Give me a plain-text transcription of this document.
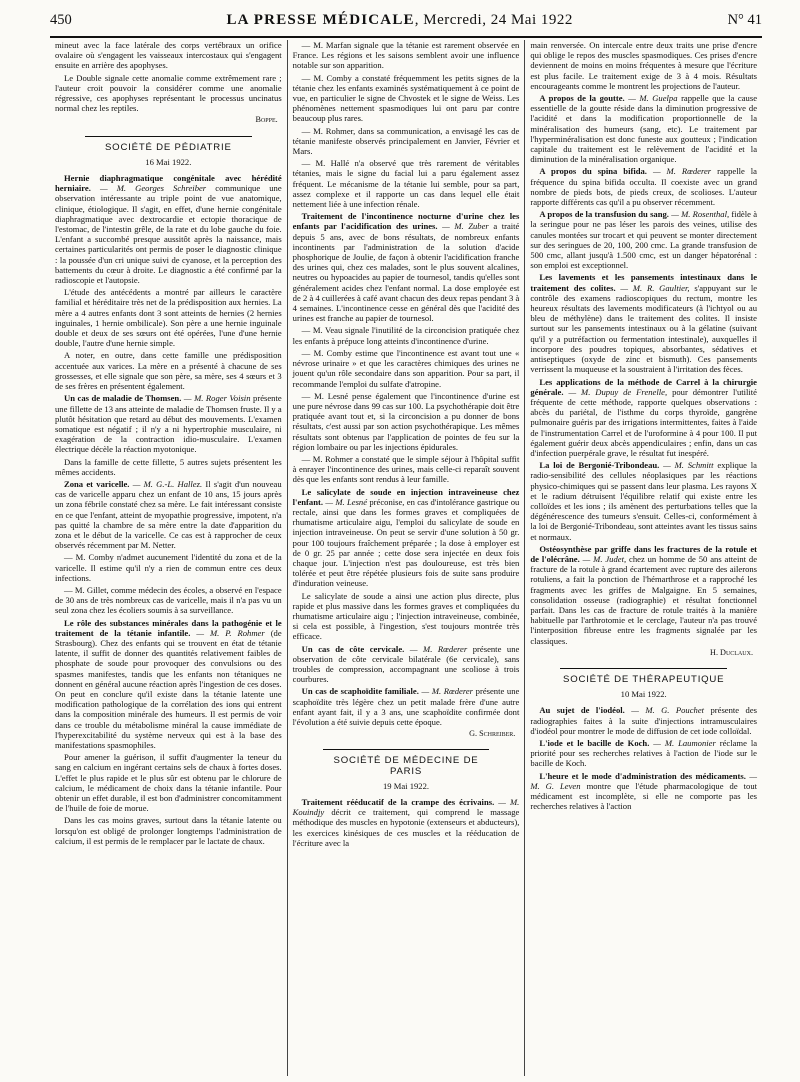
450	LA PRESSE MÉDICALE, Mercredi, 24 Mai 1922	N° 41

mineut avec la face latérale des corps vertébraux un orifice ovalaire où s'engagent les vaisseaux intercostaux qui s'engagent ensuite en arrière des apophyses.

Le Double signale cette anomalie comme extrêmement rare ; l'auteur croit pouvoir la considérer comme une anomalie régressive, ces apophyses représentant le processus uncinatus normal chez les reptiles.

Boppe.
SOCIÉTÉ DE PÉDIATRIE
16 Mai 1922.

Hernie diaphragmatique congénitale avec hérédité herniaire. — M. Georges Schreiber communique une observation intéressante au triple point de vue anatomique, clinique, étiologique. Il s'agit, en effet, d'une hernie congénitale diaphragmatique avec dextrocardie et ectopie thoracique de l'estomac, de l'intestin grêle, de la rate et du lobe gauche du foie. L'enfant a succombé presque aussitôt après la naissance, mais certaines particularités ont permis de poser le diagnostic clinique : la poussée d'un cri unique suivi de cyanose, et la perception des battements du cœur à droite. Le diagnostic a été confirmé par la radioscopie et l'autopsie.

L'étude des antécédents a montré par ailleurs le caractère familial et héréditaire très net de la prédisposition aux hernies. La mère a 4 autres enfants dont 3 sont atteints de hernies (2 hernies inguinales, 1 hernie ombilicale). Son père a une hernie inguinale double et deux de ses sœurs ont été opérées, l'une d'une hernie double, l'autre d'une hernie simple.

A noter, en outre, dans cette famille une prédisposition accentuée aux varices. La mère en a présenté à chacune de ses grossesses, et elle signale que son père, sa mère, ses 4 sœurs et 3 de ses frères en présentent également.

Un cas de maladie de Thomsen. — M. Roger Voisin présente une fillette de 13 ans atteinte de maladie de Thomsen fruste. Il y a plutôt hésitation que retard au début des mouvements. L'examen somatique est négatif ; il n'y a ni hypertrophie musculaire, ni exagération de la contraction idio-musculaire. L'examen électrique décèle la réaction myotonique.

Dans la famille de cette fillette, 5 autres sujets présentent les mêmes accidents.

Zona et varicelle. — M. G.-L. Hallez. Il s'agit d'un nouveau cas de varicelle apparu chez un enfant de 10 ans, 15 jours après un zona fébrile constaté chez sa mère. Le fait intéressant consiste en ce que l'enfant, atteint de myopathie progressive, impotent, n'a pas quitté la chambre de sa mère entre la date d'apparition du zona et le début de la varicelle. Ce cas est à rapprocher de ceux observés récemment par M. Netter.

— M. Comby n'admet aucunement l'identité du zona et de la varicelle. Il estime qu'il n'y a rien de commun entre ces deux infections.

— M. Gillet, comme médecin des écoles, a observé en l'espace de 30 ans de très nombreux cas de varicelle, mais il n'a pas vu un seul zona chez les écoliers soumis à sa surveillance.

Le rôle des substances minérales dans la pathogénie et le traitement de la tétanie infantile. — M. P. Rohmer (de Strasbourg). Chez des enfants qui se trouvent en état de tétanie latente, il suffit de donner des quantités relativement faibles de phosphate de soude pour provoquer des convulsions ou des spasmes manifestes, tandis que les enfants non tétaniques ne donnent en général aucune réaction après l'ingestion de ces doses. On peut en conclure qu'il existe dans la tétanie latente une modification pathologique de la corrélation des ions qui entrent dans la composition minérale des humeurs. Il est permis de voir dans ce trouble du métabolisme minéral la cause immédiate de l'hyperexcitabilité du système nerveux qui est à la base des manifestations spasmophiles.

Pour amener la guérison, il suffit d'augmenter la teneur du sang en calcium en ingérant certains sels de chaux à fortes doses. L'effet le plus rapide et le plus sûr est obtenu par le chlorure de calcium, le médicament de choix dans la tétanie infantile. Pour obtenir un effet durable, il est bon d'administrer concomitamment de l'huile de foie de morue.

Dans les cas moins graves, surtout dans la tétanie latente ou lorsqu'on est obligé de prolonger longtemps l'administration de calcium, il est permis de le remplacer par le lactate de chaux.

— M. Marfan signale que la tétanie est rarement observée en France. Les régions et les saisons semblent avoir une influence notable sur son apparition.

— M. Comby a constaté fréquemment les petits signes de la tétanie chez les enfants examinés systématiquement à ce point de vue, en particulier le signe de Chvostek et le signe de Weiss. Les phénomènes nettement spasmodiques lui ont paru par contre beaucoup plus rares.

— M. Rohmer, dans sa communication, a envisagé les cas de tétanie manifeste observés principalement en Janvier, Février et Mars.

— M. Hallé n'a observé que très rarement de véritables tétanies, mais le signe du facial lui a paru également assez fréquent. Le mécanisme de la tétanie lui semble, pour sa part, assez complexe et il rapporte un cas dans lequel elle était nettement liée à une infection rénale.

Traitement de l'incontinence nocturne d'urine chez les enfants par l'acidification des urines. — M. Zuber a traité depuis 5 ans, avec de bons résultats, de nombreux enfants incontinents par l'administration de la solution d'acide phosphorique de Joulie, de façon à obtenir l'acidification franche des urines qui, chez ces malades, sont le plus souvent alcalines, neutres ou hypoacides au papier de tournesol, tandis qu'elles sont généralement acides chez l'enfant normal. La dose employée est de 2 à 4 cuillerées à café avant chacun des deux repas pendant 3 à 4 semaines. L'incontinence cesse en général dès que l'acidité des urines est franche au papier de tournesol.

— M. Veau signale l'inutilité de la circoncision pratiquée chez les enfants à prépuce long atteints d'incontinence d'urine.

— M. Comby estime que l'incontinence est avant tout une « névrose urinaire » et que les caractères chimiques des urines ne jouent qu'un rôle secondaire dans son apparition. Pour sa part, il recommande l'emploi du sulfate d'atropine.

— M. Lesné pense également que l'incontinence d'urine est une pure névrose dans 99 cas sur 100. La psychothérapie doit être pratiquée avant tout et, si la circoncision a pu donner de bons résultats, c'est aussi par son action psychothérapique. Les mêmes résultats sont obtenus par l'application de pointes de feu sur la région lombaire ou par les injections épidurales.

— M. Rohmer a constaté que le simple séjour à l'hôpital suffit à enrayer l'incontinence des urines, mais celle-ci reparaît souvent dès que les enfants sont rendus à leur famille.

Le salicylate de soude en injection intraveineuse chez l'enfant. — M. Lesné préconise, en cas d'intolérance gastrique ou rectale, ainsi que dans les formes graves et compliquées de rhumatisme articulaire aigu, l'emploi du salicylate de soude en injection intraveineuse. On peut se servir d'une solution à 50 gr. pour 100 toujours fraîchement préparée ; la dose à employer est de 0 gr. 25 par année ; cette dose sera injectée en deux fois chaque jour. L'injection n'est pas douloureuse, est très bien tolérée et peut être répétée plusieurs fois de suite sans produire d'induration veineuse.

Le salicylate de soude a ainsi une action plus directe, plus rapide et plus massive dans les formes graves et compliquées du rhumatisme articulaire aigu ; l'injection intraveineuse, combinée, si cela est possible, à l'ingestion, s'est toujours montrée très efficace.

Un cas de côte cervicale. — M. Rœderer présente une observation de côte cervicale bilatérale (6e cervicale), sans troubles de compression, accompagnant une scoliose à trois courbures.

Un cas de scaphoïdite familiale. — M. Rœderer présente une scaphoïdite très légère chez un petit malade frère d'une autre enfant ayant fait, il y a 3 ans, une scaphoïdite confirmée dont l'évolution a été suivie depuis cette époque.

G. Schreiber.
SOCIÉTÉ DE MÉDECINE DE PARIS
19 Mai 1922.

Traitement rééducatif de la crampe des écrivains. — M. Kouindjy décrit ce traitement, qui comprend le massage méthodique des muscles en hypotonie (extenseurs et abducteurs), les exercices kinésiques de ces muscles et la rééducation de l'écriture avec la

main renversée. On intercale entre deux traits une prise d'encre qui oblige le repos des muscles spasmodiques. Ces prises d'encre deviennent de moins en moins fréquentes à mesure que l'écriture est plus facile. Le traitement exige de 3 à 4 mois. Résultats encourageants comme le montrent les projections de l'auteur.

A propos de la goutte. — M. Guelpa rappelle que la cause essentielle de la goutte réside dans la diminution progressive de l'acidité et dans la modification proportionnelle de la minéralisation des humeurs (sang, etc). Le traitement par l'hyperminéralisation est donc funeste aux goutteux ; l'indication capitale du traitement est le relèvement de l'acidité et la diminution de la minéralisation organique.

A propos du spina bifida. — M. Rœderer rappelle la fréquence du spina bifida occulta. Il coexiste avec un grand nombre de pieds bots, de pieds creux, de scolioses. L'auteur rapporte différents cas qu'il a pu observer récemment.

A propos de la transfusion du sang. — M. Rosenthal, fidèle à la seringue pour ne pas léser les parois des veines, utilise des canules montées sur trocart et qui peuvent se monter directement sur des seringues de 20, 100, 200 cmc. La grande transfusion de 500 cmc, allant jusqu'à 1.500 cmc, est un danger hépatorénal : son emploi est exceptionnel.

Les lavements et les pansements intestinaux dans le traitement des colites. — M. R. Gaultier, s'appuyant sur le contrôle des examens radioscopiques du rectum, montre les heureux résultats des lavements modificateurs (à l'ichtyol ou au bleu de méthylène) dans le traitement des colites. Il insiste surtout sur les pansements intestinaux ou à la gélatine (suivant qu'il y a putréfaction ou fermentation intestinale), auxquelles il incorpore des poudres topiques, absorbantes, sédatives et antiseptiques (oxyde de zinc et bismuth). Ces pansements verrissent la muqueuse et la soustraient à l'irritation des fèces.

Les applications de la méthode de Carrel à la chirurgie générale. — M. Dupuy de Frenelle, pour démontrer l'utilité fréquente de cette méthode, rapporte quelques observations : abcès du pariétal, de l'isthme du corps thyroïde, gangrène pulmonaire guéris par des irrigations intermittentes, faites à l'aide de l'instrumentation Carrel et de l'uroformine à 4 pour 100. Il put également guérir deux abcès appendiculaires ; enfin, dans un cas d'infection puerpérale grave, le résultat fut inespéré.

La loi de Bergonié-Tribondeau. — M. Schmitt explique la radio-sensibilité des cellules néoplasiques par les réactions physico-chimiques qui se passent dans leur plasma. Les rayons X et le radium détruisent l'équilibre relatif qui existe entre les colloïdes et les ions ; ils amènent des perturbations telles que la dégénérescence des tumeurs s'ensuit. Celles-ci, conformément à la loi de Bergonié-Tribondeau, sont atteintes avant les tissus sains et normaux.

Ostéosynthèse par griffe dans les fractures de la rotule et de l'olécrâne. — M. Judet, chez un homme de 50 ans atteint de fracture de la rotule à grand écartement avec rupture des ailerons rotuliens, a fait la ponction de l'hémarthrose et a rapproché les fragments avec les griffes de Malgaigne. En 5 semaines, consolidation osseuse (radiographie) et résultat fonctionnel parfait. Dans les cas de fracture de rotule traités à la manière habituelle par l'arthrotomie et le cerclage, l'auteur n'a pas trouvé l'interposition fibreuse entre les fragments signalée par les classiques.

H. Duclaux.
SOCIÉTÉ DE THÉRAPEUTIQUE
10 Mai 1922.

Au sujet de l'iodéol. — M. G. Pouchet présente des radiographies faites à la suite d'injections intramusculaires d'iodéol pour montrer le mode de diffusion de cet iode colloïdal.

L'iode et le bacille de Koch. — M. Laumonier réclame la priorité pour ses recherches relatives à l'action de l'iode sur le bacille de Koch.

L'heure et le mode d'administration des médicaments. — M. G. Leven montre que l'étude pharmacologique de tout médicament est incomplète, si elle ne comporte pas les recherches relatives à l'action
